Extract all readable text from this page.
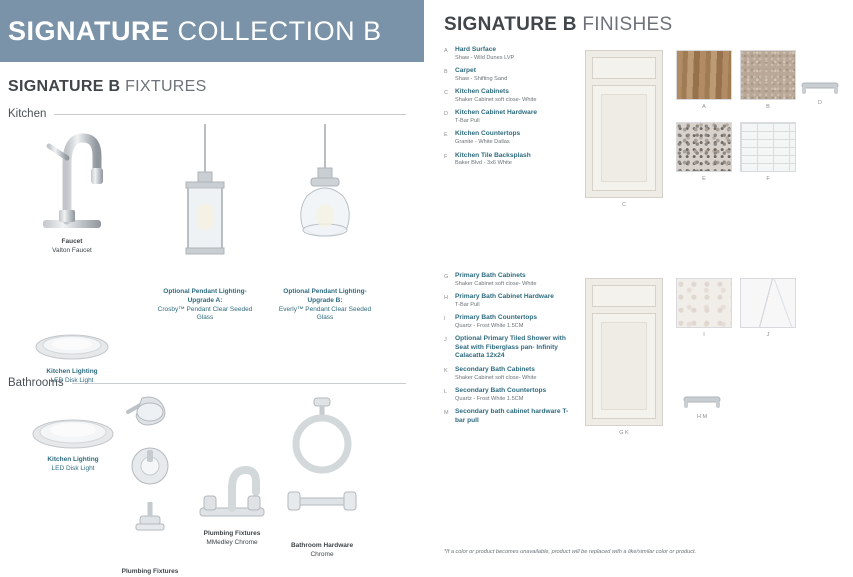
SIGNATURE COLLECTION B
SIGNATURE B FIXTURES
Kitchen
Bathrooms
Faucet
Valton Faucet
Kitchen Lighting
LED Disk Light
Optional Pendant Lighting- Upgrade A:
Crosby™ Pendant Clear Seeded Glass
Optional Pendant Lighting- Upgrade B:
Everly™ Pendant Clear Seeded Glass
Kitchen Lighting
LED Disk Light
Plumbing Fixtures
Plumbing Fixtures
MMedley Chrome	Bathroom Hardware
Chrome
SIGNATURE B FINISHES
A	Hard Surface
Shaw - Wild Dunes LVP
B	Carpet
Shaw - Shifting Sand
C	Kitchen Cabinets
Shaker Cabinet soft close- White
D	Kitchen Cabinet Hardware
T-Bar Pull
E	Kitchen Countertops
Granite - White Dallas
F	Kitchen Tile Backsplash
Baker Blvd - 3x6 White
C
A	B
D
E	F
G	Primary Bath Cabinets
Shaker Cabinet soft close- White
H	Primary Bath Cabinet Hardware
T-Bar Pull
I	Primary Bath Countertops
Quartz - Frost White 1.5CM
J	Optional Primary Tiled Shower with Seat with Fiberglass pan- Infinity Calacatta 12x24
K	Secondary Bath Cabinets
Shaker Cabinet soft close- White
L	Secondary Bath Countertops
Quartz - Frost White 1.5CM
M Secondary bath cabinet hardware T-bar pull
G K
I	J
H M
*If a color or product becomes unavailable, product will be replaced with a like/similar color or product.
